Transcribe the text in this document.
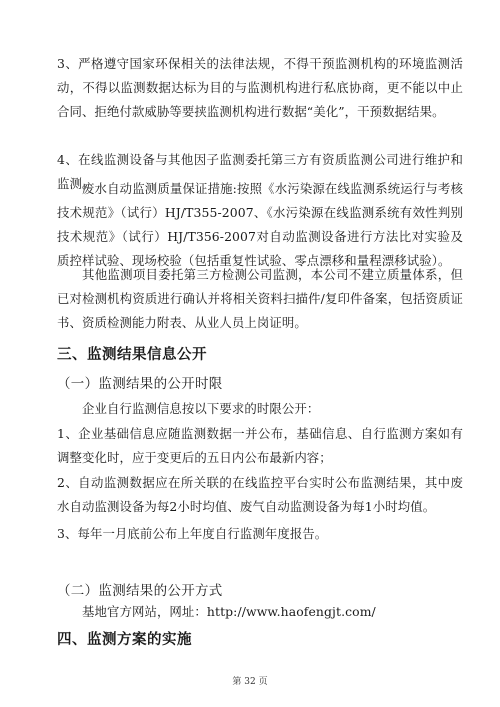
3、严格遵守国家环保相关的法律法规，不得干预监测机构的环境监测活动，不得以监测数据达标为目的与监测机构进行私底协商，更不能以中止合同、拒绝付款威胁等要挟监测机构进行数据“美化”，干预数据结果。
4、在线监测设备与其他因子监测委托第三方有资质监测公司进行维护和监测。
废水自动监测质量保证措施:按照《水污染源在线监测系统运行与考核技术规范》（试行）HJ/T355-2007、《水污染源在线监测系统有效性判别技术规范》（试行）HJ/T356-2007对自动监测设备进行方法比对实验及质控样试验、现场校验（包括重复性试验、零点漂移和量程漂移试验）。
其他监测项目委托第三方检测公司监测，本公司不建立质量体系，但已对检测机构资质进行确认并将相关资料扫描件/复印件备案，包括资质证书、资质检测能力附表、从业人员上岗证明。
三、监测结果信息公开
（一）监测结果的公开时限
企业自行监测信息按以下要求的时限公开：
1、企业基础信息应随监测数据一并公布，基础信息、自行监测方案如有调整变化时，应于变更后的五日内公布最新内容；
2、自动监测数据应在所关联的在线监控平台实时公布监测结果，其中废水自动监测设备为每2小时均值、废气自动监测设备为每1小时均值。
3、每年一月底前公布上年度自行监测年度报告。
（二）监测结果的公开方式
基地官方网站，网址：http://www.haofengjt.com/
四、监测方案的实施
第 32 页
